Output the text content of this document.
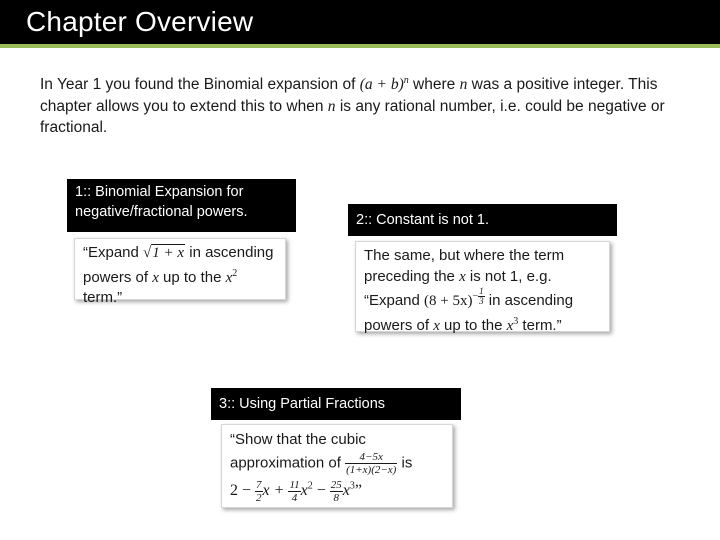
Chapter Overview
In Year 1 you found the Binomial expansion of $(a + b)^n$ where n was a positive integer. This chapter allows you to extend this to when n is any rational number, i.e. could be negative or fractional.
1:: Binomial Expansion for negative/fractional powers.
“Expand √1 + x in ascending powers of x up to the $x^2$ term.”
2:: Constant is not 1.
The same, but where the term preceding the x is not 1, e.g.
“Expand $(8 + 5x)^{- \frac{1}{3}}$ in ascending powers of x up to the $x^3$ term.”
3:: Using Partial Fractions
“Show that the cubic approximation of $\frac{4-5x}{(1+x)(2-x)}$ is
$2 - \frac{7}{2}$ $x + \frac{11}{4} x^2 - \frac{25}{8} x^3$”
